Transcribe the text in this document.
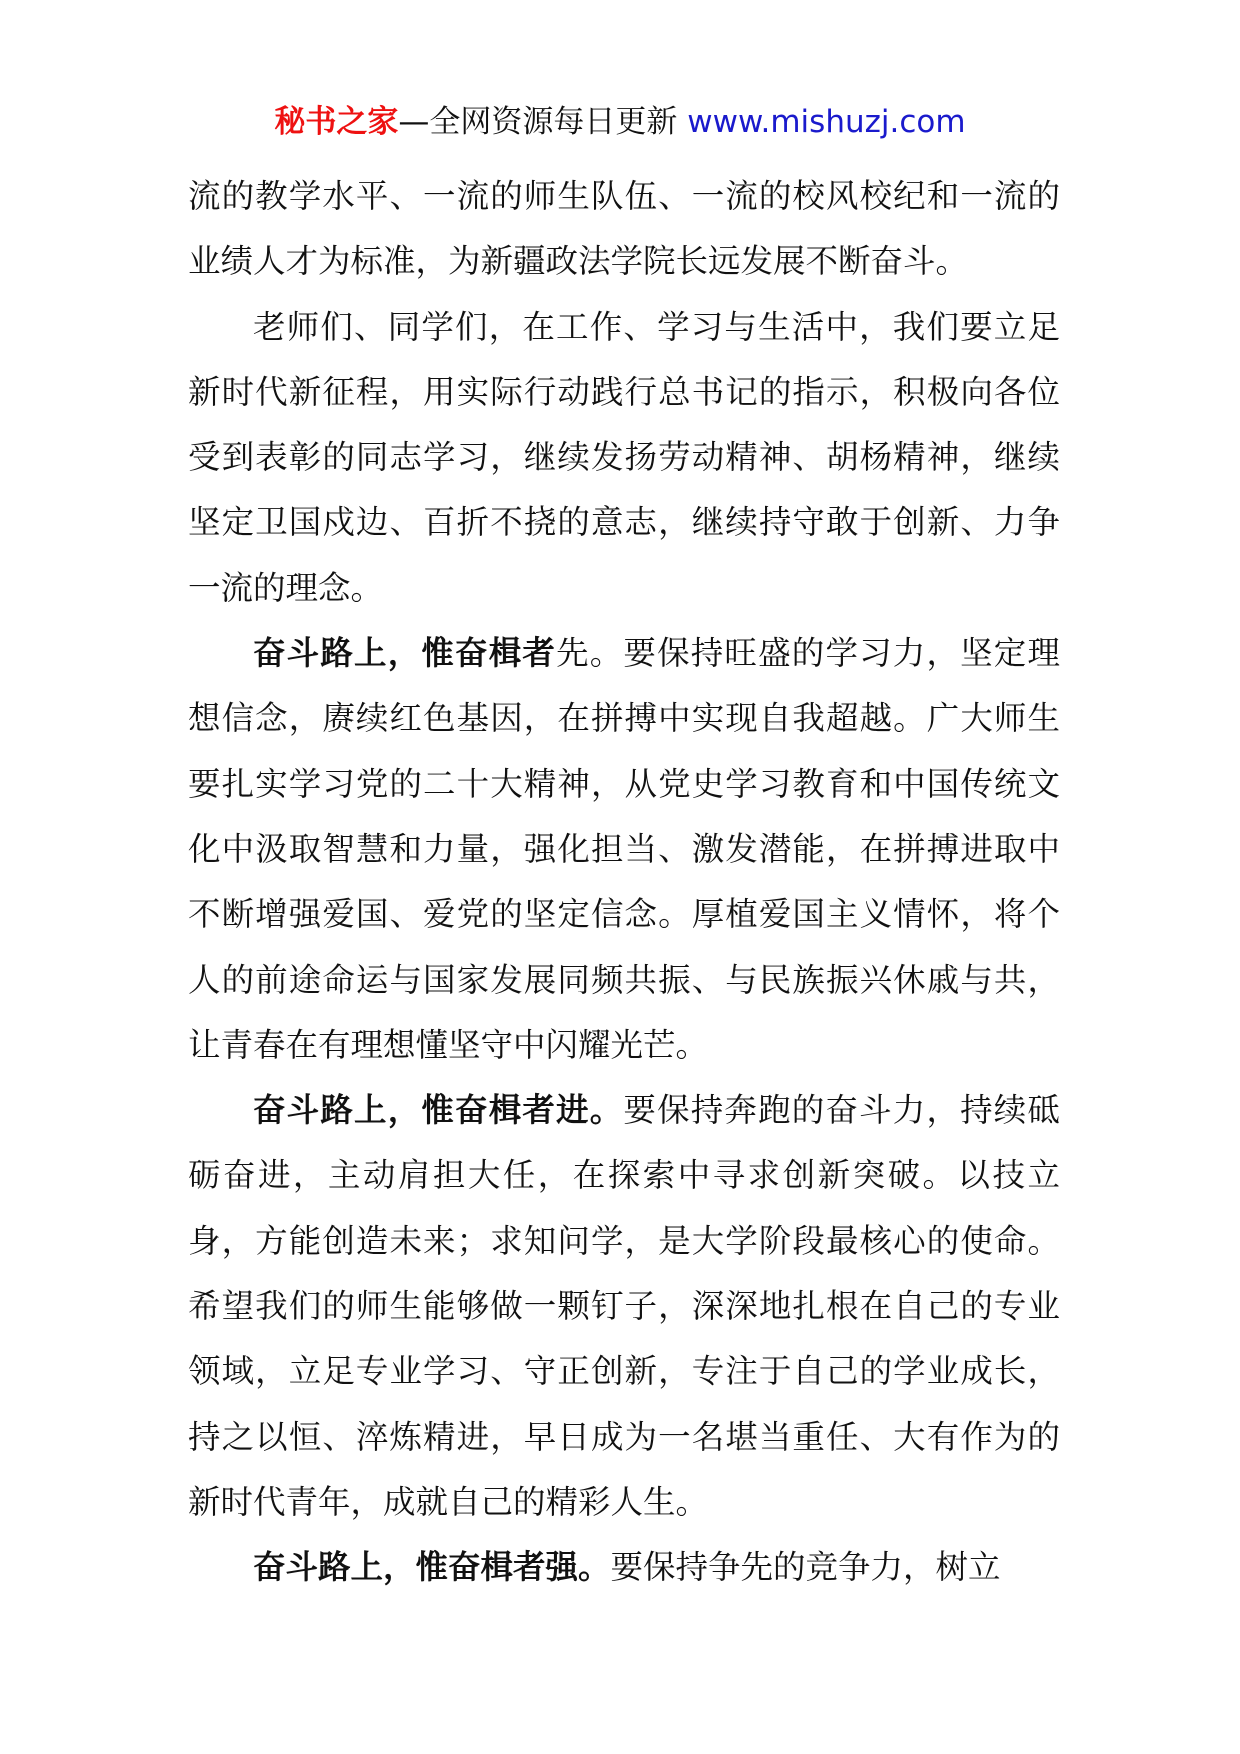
秘书之家—全网资源每日更新 www.mishuzj.com

流的教学水平、一流的师生队伍、一流的校风校纪和一流的业绩人才为标准，为新疆政法学院长远发展不断奋斗。

老师们、同学们，在工作、学习与生活中，我们要立足新时代新征程，用实际行动践行总书记的指示，积极向各位受到表彰的同志学习，继续发扬劳动精神、胡杨精神，继续坚定卫国戍边、百折不挠的意志，继续持守敢于创新、力争一流的理念。

奋斗路上，惟奋楫者先。要保持旺盛的学习力，坚定理想信念，赓续红色基因，在拼搏中实现自我超越。广大师生要扎实学习党的二十大精神，从党史学习教育和中国传统文化中汲取智慧和力量，强化担当、激发潜能，在拼搏进取中不断增强爱国、爱党的坚定信念。厚植爱国主义情怀，将个人的前途命运与国家发展同频共振、与民族振兴休戚与共，让青春在有理想懂坚守中闪耀光芒。

奋斗路上，惟奋楫者进。要保持奔跑的奋斗力，持续砥砺奋进，主动肩担大任，在探索中寻求创新突破。以技立身，方能创造未来；求知问学，是大学阶段最核心的使命。希望我们的师生能够做一颗钉子，深深地扎根在自己的专业领域，立足专业学习、守正创新，专注于自己的学业成长，持之以恒、淬炼精进，早日成为一名堪当重任、大有作为的新时代青年，成就自己的精彩人生。

奋斗路上，惟奋楫者强。要保持争先的竞争力，树立
